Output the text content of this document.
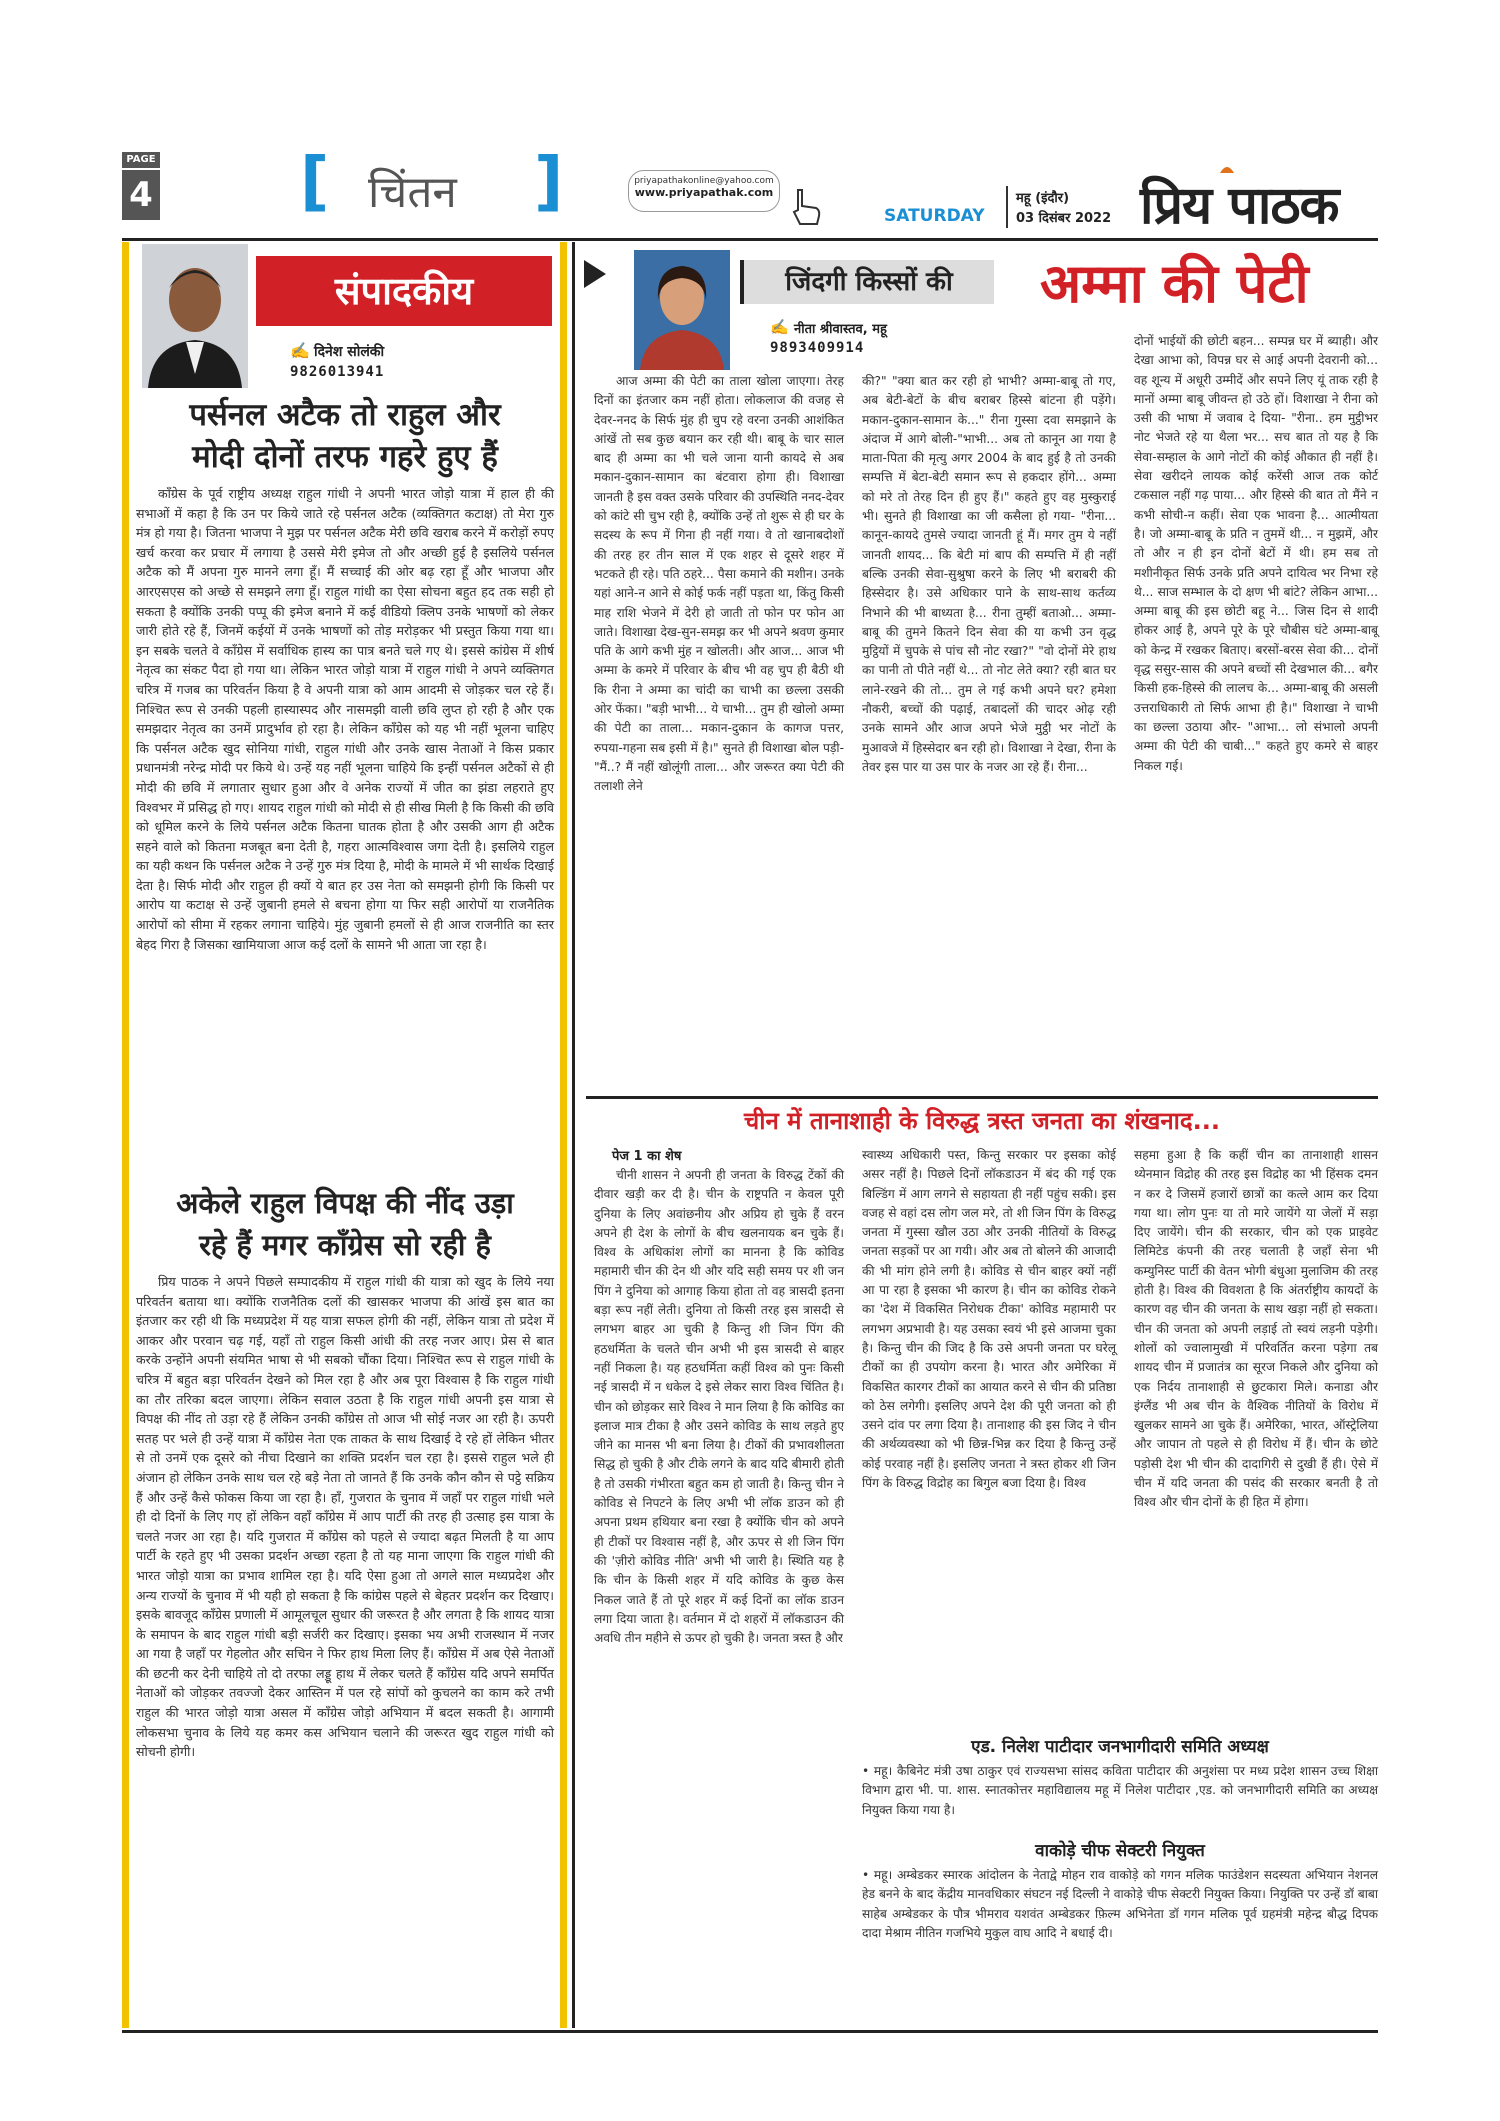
PAGE
4 [ चिंतन ]	priyapathakonline@yahoo.com
www.priyapathak.com
SATURDAY
महू (इंदौर)
03 दिसंबर 2022 प्रिय पाठक
संपादकीय
✍ दिनेश सोलंकी
9826013941
पर्सनल अटैक तो राहुल और
मोदी दोनों तरफ गहरे हुए हैं

कॉंग्रेस के पूर्व राष्ट्रीय अध्यक्ष राहुल गांधी ने अपनी भारत जोड़ो यात्रा में हाल ही की सभाओं में कहा है कि उन पर किये जाते रहे पर्सनल अटैक (व्यक्तिगत कटाक्ष) तो मेरा गुरु मंत्र हो गया है। जितना भाजपा ने मुझ पर पर्सनल अटैक मेरी छवि खराब करने में करोड़ों रुपए खर्च करवा कर प्रचार में लगाया है उससे मेरी इमेज तो और अच्छी हुई है इसलिये पर्सनल अटैक को मैं अपना गुरु मानने लगा हूँ। मैं सच्चाई की ओर बढ़ रहा हूँ और भाजपा और आरएसएस को अच्छे से समझने लगा हूँ। राहुल गांधी का ऐसा सोचना बहुत हद तक सही हो सकता है क्योंकि उनकी पप्पू की इमेज बनाने में कई वीडियो क्लिप उनके भाषणों को लेकर जारी होते रहे हैं, जिनमें कईयों में उनके भाषणों को तोड़ मरोड़कर भी प्रस्तुत किया गया था। इन सबके चलते वे कॉंग्रेस में सर्वाधिक हास्य का पात्र बनते चले गए थे। इससे कांग्रेस में शीर्ष नेतृत्व का संकट पैदा हो गया था। लेकिन भारत जोड़ो यात्रा में राहुल गांधी ने अपने व्यक्तिगत चरित्र में गजब का परिवर्तन किया है वे अपनी यात्रा को आम आदमी से जोड़कर चल रहे हैं। निश्चित रूप से उनकी पहली हास्यास्पद और नासमझी वाली छवि लुप्त हो रही है और एक समझदार नेतृत्व का उनमें प्रादुर्भाव हो रहा है। लेकिन कॉंग्रेस को यह भी नहीं भूलना चाहिए कि पर्सनल अटैक खुद सोनिया गांधी, राहुल गांधी और उनके खास नेताओं ने किस प्रकार प्रधानमंत्री नरेन्द्र मोदी पर किये थे। उन्हें यह नहीं भूलना चाहिये कि इन्हीं पर्सनल अटैकों से ही मोदी की छवि में लगातार सुधार हुआ और वे अनेक राज्यों में जीत का झंडा लहराते हुए विश्वभर में प्रसिद्ध हो गए। शायद राहुल गांधी को मोदी से ही सीख मिली है कि किसी की छवि को धूमिल करने के लिये पर्सनल अटैक कितना घातक होता है और उसकी आग ही अटैक सहने वाले को कितना मजबूत बना देती है, गहरा आत्मविश्वास जगा देती है। इसलिये राहुल का यही कथन कि पर्सनल अटैक ने उन्हें गुरु मंत्र दिया है, मोदी के मामले में भी सार्थक दिखाई देता है। सिर्फ मोदी और राहुल ही क्यों ये बात हर उस नेता को समझनी होगी कि किसी पर आरोप या कटाक्ष से उन्हें जुबानी हमले से बचना होगा या फिर सही आरोपों या राजनैतिक आरोपों को सीमा में रहकर लगाना चाहिये। मुंह जुबानी हमलों से ही आज राजनीति का स्तर बेहद गिरा है जिसका खामियाजा आज कई दलों के सामने भी आता जा रहा है।

अकेले राहुल विपक्ष की नींद उड़ा
रहे हैं मगर कॉंग्रेस सो रही है

प्रिय पाठक ने अपने पिछले सम्पादकीय में राहुल गांधी की यात्रा को खुद के लिये नया परिवर्तन बताया था। क्योंकि राजनैतिक दलों की खासकर भाजपा की आंखें इस बात का इंतजार कर रही थी कि मध्यप्रदेश में यह यात्रा सफल होगी की नहीं, लेकिन यात्रा तो प्रदेश में आकर और परवान चढ़ गई, यहाँ तो राहुल किसी आंधी की तरह नजर आए। प्रेस से बात करके उन्होंने अपनी संयमित भाषा से भी सबको चौंका दिया। निश्चित रूप से राहुल गांधी के चरित्र में बहुत बड़ा परिवर्तन देखने को मिल रहा है और अब पूरा विश्वास है कि राहुल गांधी का तौर तरिका बदल जाएगा। लेकिन सवाल उठता है कि राहुल गांधी अपनी इस यात्रा से विपक्ष की नींद तो उड़ा रहे हैं लेकिन उनकी कॉंग्रेस तो आज भी सोई नजर आ रही है। ऊपरी सतह पर भले ही उन्हें यात्रा में कॉंग्रेस नेता एक ताकत के साथ दिखाई दे रहे हों लेकिन भीतर से तो उनमें एक दूसरे को नीचा दिखाने का शक्ति प्रदर्शन चल रहा है। इससे राहुल भले ही अंजान हो लेकिन उनके साथ चल रहे बड़े नेता तो जानते हैं कि उनके कौन कौन से पट्ठे सक्रिय हैं और उन्हें कैसे फोकस किया जा रहा है। हाँ, गुजरात के चुनाव में जहाँ पर राहुल गांधी भले ही दो दिनों के लिए गए हों लेकिन वहाँ कॉंग्रेस में आप पार्टी की तरह ही उत्साह इस यात्रा के चलते नजर आ रहा है। यदि गुजरात में कॉंग्रेस को पहले से ज्यादा बढ़त मिलती है या आप पार्टी के रहते हुए भी उसका प्रदर्शन अच्छा रहता है तो यह माना जाएगा कि राहुल गांधी की भारत जोड़ो यात्रा का प्रभाव शामिल रहा है। यदि ऐसा हुआ तो अगले साल मध्यप्रदेश और अन्य राज्यों के चुनाव में भी यही हो सकता है कि कांग्रेस पहले से बेहतर प्रदर्शन कर दिखाए। इसके बावजूद कॉंग्रेस प्रणाली में आमूलचूल सुधार की जरूरत है और लगता है कि शायद यात्रा के समापन के बाद राहुल गांधी बड़ी सर्जरी कर दिखाए। इसका भय अभी राजस्थान में नजर आ गया है जहाँ पर गेहलोत और सचिन ने फिर हाथ मिला लिए हैं। कॉंग्रेस में अब ऐसे नेताओं की छटनी कर देनी चाहिये तो दो तरफा लड्डू हाथ में लेकर चलते हैं कॉंग्रेस यदि अपने समर्पित नेताओं को जोड़कर तवज्जो देकर आस्तिन में पल रहे सांपों को कुचलने का काम करे तभी राहुल की भारत जोड़ो यात्रा असल में कॉंग्रेस जोड़ो अभियान में बदल सकती है। आगामी लोकसभा चुनाव के लिये यह कमर कस अभियान चलाने की जरूरत खुद राहुल गांधी को सोचनी होगी।

जिंदगी किस्सों की	अम्मा की पेटी
✍ नीता श्रीवास्तव, महू
9893409914

आज अम्मा की पेटी का ताला खोला जाएगा। तेरह दिनों का इंतजार कम नहीं होता। लोकलाज की वजह से देवर-ननद के सिर्फ मुंह ही चुप रहे वरना उनकी आशंकित आंखें तो सब कुछ बयान कर रही थी। बाबू के चार साल बाद ही अम्मा का भी चले जाना यानी कायदे से अब मकान-दुकान-सामान का बंटवारा होगा ही। विशाखा जानती है इस वक्त उसके परिवार की उपस्थिति ननद-देवर को कांटे सी चुभ रही है, क्योंकि उन्हें तो शुरू से ही घर के सदस्य के रूप में गिना ही नहीं गया। वे तो खानाबदोशों की तरह हर तीन साल में एक शहर से दूसरे शहर में भटकते ही रहे। पति ठहरे... पैसा कमाने की मशीन। उनके यहां आने-न आने से कोई फर्क नहीं पड़ता था, किंतु किसी माह राशि भेजने में देरी हो जाती तो फोन पर फोन आ जाते। विशाखा देख-सुन-समझ कर भी अपने श्रवण कुमार पति के आगे कभी मुंह न खोलती। और आज... आज भी अम्मा के कमरे में परिवार के बीच भी वह चुप ही बैठी थी कि रीना ने अम्मा का चांदी का चाभी का छल्ला उसकी ओर फेंका। "बड़ी भाभी... ये चाभी... तुम ही खोलो अम्मा की पेटी का ताला... मकान-दुकान के कागज पत्तर, रुपया-गहना सब इसी में है।" सुनते ही विशाखा बोल पड़ी- "मैं..? मैं नहीं खोलूंगी ताला... और जरूरत क्या पेटी की तलाशी लेने

की?" "क्या बात कर रही हो भाभी? अम्मा-बाबू तो गए, अब बेटी-बेटों के बीच बराबर हिस्से बांटना ही पड़ेंगे। मकान-दुकान-सामान के..." रीना गुस्सा दवा समझाने के अंदाज में आगे बोली-"भाभी... अब तो कानून आ गया है माता-पिता की मृत्यु अगर 2004 के बाद हुई है तो उनकी सम्पत्ति में बेटा-बेटी समान रूप से हकदार होंगे... अम्मा को मरे तो तेरह दिन ही हुए हैं।" कहते हुए वह मुस्कुराई भी। सुनते ही विशाखा का जी कसैला हो गया- "रीना... कानून-कायदे तुमसे ज्यादा जानती हूं मैं। मगर तुम ये नहीं जानती शायद... कि बेटी मां बाप की सम्पत्ति में ही नहीं बल्कि उनकी सेवा-सुश्रुषा करने के लिए भी बराबरी की हिस्सेदार है। उसे अधिकार पाने के साथ-साथ कर्तव्य निभाने की भी बाध्यता है... रीना तुम्हीं बताओ... अम्मा-बाबू की तुमने कितने दिन सेवा की या कभी उन वृद्ध मुट्ठियों में चुपके से पांच सौ नोट रखा?" "वो दोनों मेरे हाथ का पानी तो पीते नहीं थे... तो नोट लेते क्या? रही बात घर लाने-रखने की तो... तुम ले गई कभी अपने घर? हमेशा नौकरी, बच्चों की पढ़ाई, तबादलों की चादर ओढ़ रही उनके सामने और आज अपने भेजे मुट्ठी भर नोटों के मुआवजे में हिस्सेदार बन रही हो। विशाखा ने देखा, रीना के तेवर इस पार या उस पार के नजर आ रहे हैं। रीना...

दोनों भाईयों की छोटी बहन... सम्पन्न घर में ब्याही। और देखा आभा को, विपन्न घर से आई अपनी देवरानी को... वह शून्य में अधूरी उम्मीदें और सपने लिए यूं ताक रही है मानों अम्मा बाबू जीवन्त हो उठे हों। विशाखा ने रीना को उसी की भाषा में जवाब दे दिया- "रीना.. हम मुट्ठीभर नोट भेजते रहे या थैला भर... सच बात तो यह है कि सेवा-सम्हाल के आगे नोटों की कोई औकात ही नहीं है। सेवा खरीदने लायक कोई करेंसी आज तक कोर्ट टकसाल नहीं गढ़ पाया... और हिस्से की बात तो मैंने न कभी सोची-न कहीं। सेवा एक भावना है... आत्मीयता है। जो अम्मा-बाबू के प्रति न तुममें थी... न मुझमें, और तो और न ही इन दोनों बेटों में थी। हम सब तो मशीनीकृत सिर्फ उनके प्रति अपने दायित्व भर निभा रहे थे... साज सम्भाल के दो क्षण भी बांटे? लेकिन आभा... अम्मा बाबू की इस छोटी बहू ने... जिस दिन से शादी होकर आई है, अपने पूरे के पूरे चौबीस घंटे अम्मा-बाबू को केन्द्र में रखकर बिताए। बरसों-बरस सेवा की... दोनों वृद्ध ससुर-सास की अपने बच्चों सी देखभाल की... बगैर किसी हक-हिस्से की लालच के... अम्मा-बाबू की असली उत्तराधिकारी तो सिर्फ आभा ही है।" विशाखा ने चाभी का छल्ला उठाया और- "आभा... लो संभालो अपनी अम्मा की पेटी की चाबी..." कहते हुए कमरे से बाहर निकल गई।

चीन में तानाशाही के विरुद्ध त्रस्त जनता का शंखनाद...
पेज 1 का शेष

चीनी शासन ने अपनी ही जनता के विरुद्ध टेंकों की दीवार खड़ी कर दी है। चीन के राष्ट्रपति न केवल पूरी दुनिया के लिए अवांछनीय और अप्रिय हो चुके हैं वरन अपने ही देश के लोगों के बीच खलनायक बन चुके हैं। विश्व के अधिकांश लोगों का मानना है कि कोविड महामारी चीन की देन थी और यदि सही समय पर शी जन पिंग ने दुनिया को आगाह किया होता तो वह त्रासदी इतना बड़ा रूप नहीं लेती। दुनिया तो किसी तरह इस त्रासदी से लगभग बाहर आ चुकी है किन्तु शी जिन पिंग की हठधर्मिता के चलते चीन अभी भी इस त्रासदी से बाहर नहीं निकला है। यह हठधर्मिता कहीं विश्व को पुनः किसी नई त्रासदी में न धकेल दे इसे लेकर सारा विश्व चिंतित है। चीन को छोड़कर सारे विश्व ने मान लिया है कि कोविड का इलाज मात्र टीका है और उसने कोविड के साथ लड़ते हुए जीने का मानस भी बना लिया है। टीकों की प्रभावशीलता सिद्ध हो चुकी है और टीके लगने के बाद यदि बीमारी होती है तो उसकी गंभीरता बहुत कम हो जाती है। किन्तु चीन ने कोविड से निपटने के लिए अभी भी लॉक डाउन को ही अपना प्रथम हथियार बना रखा है क्योंकि चीन को अपने ही टीकों पर विश्वास नहीं है, और ऊपर से शी जिन पिंग की 'ज़ीरो कोविड नीति' अभी भी जारी है। स्थिति यह है कि चीन के किसी शहर में यदि कोविड के कुछ केस निकल जाते हैं तो पूरे शहर में कई दिनों का लॉक डाउन लगा दिया जाता है। वर्तमान में दो शहरों में लॉकडाउन की अवधि तीन महीने से ऊपर हो चुकी है। जनता त्रस्त है और

स्वास्थ्य अधिकारी पस्त, किन्तु सरकार पर इसका कोई असर नहीं है। पिछले दिनों लॉकडाउन में बंद की गई एक बिल्डिंग में आग लगने से सहायता ही नहीं पहुंच सकी। इस वजह से वहां दस लोग जल मरे, तो शी जिन पिंग के विरुद्ध जनता में गुस्सा खौल उठा और उनकी नीतियों के विरुद्ध जनता सड़कों पर आ गयी। और अब तो बोलने की आजादी की भी मांग होने लगी है। कोविड से चीन बाहर क्यों नहीं आ पा रहा है इसका भी कारण है। चीन का कोविड रोकने का 'देश में विकसित निरोधक टीका' कोविड महामारी पर लगभग अप्रभावी है। यह उसका स्वयं भी इसे आजमा चुका है। किन्तु चीन की जिद है कि उसे अपनी जनता पर घरेलू टीकों का ही उपयोग करना है। भारत और अमेरिका में विकसित कारगर टीकों का आयात करने से चीन की प्रतिष्ठा को ठेस लगेगी। इसलिए अपने देश की पूरी जनता को ही उसने दांव पर लगा दिया है। तानाशाह की इस जिद ने चीन की अर्थव्यवस्था को भी छिन्न-भिन्न कर दिया है किन्तु उन्हें कोई परवाह नहीं है। इसलिए जनता ने त्रस्त होकर शी जिन पिंग के विरुद्ध विद्रोह का बिगुल बजा दिया है। विश्व

सहमा हुआ है कि कहीं चीन का तानाशाही शासन थ्येनमान विद्रोह की तरह इस विद्रोह का भी हिंसक दमन न कर दे जिसमें हजारों छात्रों का कत्ले आम कर दिया गया था। लोग पुनः या तो मारे जायेंगे या जेलों में सड़ा दिए जायेंगे। चीन की सरकार, चीन को एक प्राइवेट लिमिटेड कंपनी की तरह चलाती है जहाँ सेना भी कम्युनिस्ट पार्टी की वेतन भोगी बंधुआ मुलाजिम की तरह होती है। विश्व की विवशता है कि अंतर्राष्ट्रीय कायदों के कारण वह चीन की जनता के साथ खड़ा नहीं हो सकता। चीन की जनता को अपनी लड़ाई तो स्वयं लड़नी पड़ेगी। शोलों को ज्वालामुखी में परिवर्तित करना पड़ेगा तब शायद चीन में प्रजातंत्र का सूरज निकले और दुनिया को एक निर्दय तानाशाही से छुटकारा मिले। कनाडा और इंग्लैंड भी अब चीन के वैश्विक नीतियों के विरोध में खुलकर सामने आ चुके हैं। अमेरिका, भारत, ऑस्ट्रेलिया और जापान तो पहले से ही विरोध में हैं। चीन के छोटे पड़ोसी देश भी चीन की दादागिरी से दुखी हैं ही। ऐसे में चीन में यदि जनता की पसंद की सरकार बनती है तो विश्व और चीन दोनों के ही हित में होगा।

एड. निलेश पाटीदार जनभागीदारी समिति अध्यक्ष

• महू। कैबिनेट मंत्री उषा ठाकुर एवं राज्यसभा सांसद कविता पाटीदार की अनुशंसा पर मध्य प्रदेश शासन उच्च शिक्षा विभाग द्वारा भी. पा. शास. स्नातकोत्तर महाविद्यालय महू में निलेश पाटीदार ,एड. को जनभागीदारी समिति का अध्यक्ष नियुक्त किया गया है।

वाकोड़े चीफ सेक्टरी नियुक्त

• महू। अम्बेडकर स्मारक आंदोलन के नेताद्वे मोहन राव वाकोड़े को गगन मलिक फाउंडेशन सदस्यता अभियान नेशनल हेड बनने के बाद केंद्रीय मानवधिकार संघटन नई दिल्ली ने वाकोड़े चीफ सेक्टरी नियुक्त किया। नियुक्ति पर उन्हें डॉ बाबा साहेब अम्बेडकर के पौत्र भीमराव यशवंत अम्बेडकर फ़िल्म अभिनेता डॉ गगन मलिक पूर्व ग्रहमंत्री महेन्द्र बौद्ध दिपक दादा मेश्राम नीतिन गजभिये मुकुल वाघ आदि ने बधाई दी।
